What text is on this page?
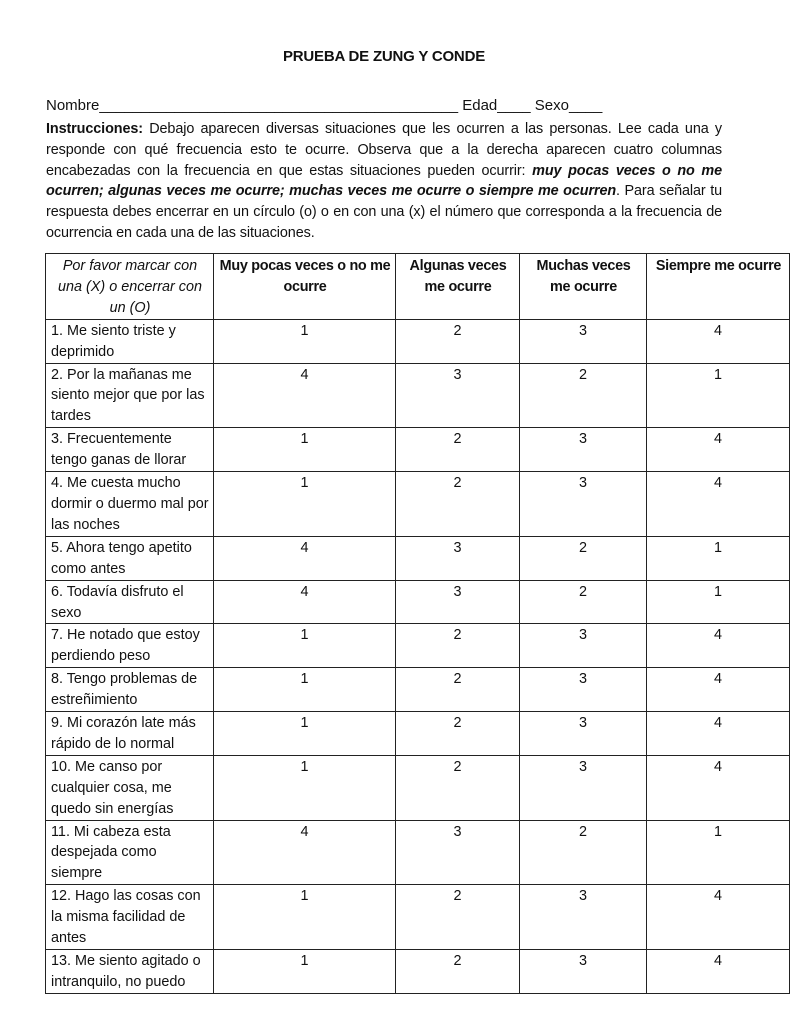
PRUEBA DE ZUNG Y CONDE
Nombre___________________________________________ Edad____ Sexo____
Instrucciones: Debajo aparecen diversas situaciones que les ocurren a las personas. Lee cada una y responde con qué frecuencia esto te ocurre. Observa que a la derecha aparecen cuatro columnas encabezadas con la frecuencia en que estas situaciones pueden ocurrir: muy pocas veces o no me ocurren; algunas veces me ocurre; muchas veces me ocurre o siempre me ocurren. Para señalar tu respuesta debes encerrar en un círculo (o) o en con una (x) el número que corresponda a la frecuencia de ocurrencia en cada una de las situaciones.
Por favor marcar con una (X) o encerrar con un (O)	Muy pocas veces o no me ocurre	Algunas veces me ocurre	Muchas veces me ocurre	Siempre me ocurre
1. Me siento triste y deprimido	1	2	3	4
2. Por la mañanas me siento mejor que por las tardes	4	3	2	1
3. Frecuentemente tengo ganas de llorar	1	2	3	4
4. Me cuesta mucho dormir o duermo mal por las noches	1	2	3	4
5. Ahora tengo apetito como antes	4	3	2	1
6. Todavía disfruto el sexo	4	3	2	1
7. He notado que estoy perdiendo peso	1	2	3	4
8. Tengo problemas de estreñimiento	1	2	3	4
9. Mi corazón late más rápido de lo normal	1	2	3	4
10. Me canso por cualquier cosa, me quedo sin energías	1	2	3	4
11. Mi cabeza esta despejada como siempre	4	3	2	1
12. Hago las cosas con la misma facilidad de antes	1	2	3	4
13. Me siento agitado o intranquilo, no puedo	1	2	3	4
